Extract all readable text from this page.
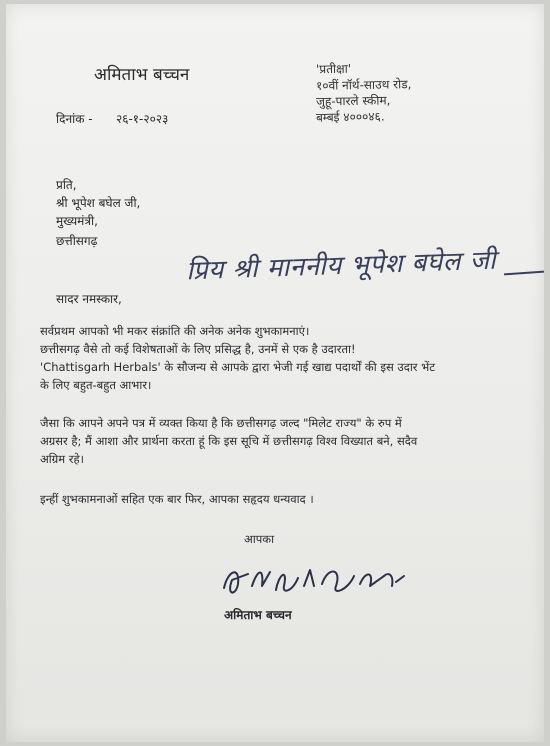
अमिताभ बच्चन	'प्रतीक्षा'
१०वीं नॉर्थ-साउथ रोड,
जुहू-पारले स्कीम,
बम्बई ४०००४६.
दिनांक - २६-१-२०२३
प्रति,
श्री भूपेश बघेल जी,
मुख्यमंत्री,
छत्तीसगढ़
प्रिय श्री माननीय भूपेश बघेल जी
सादर नमस्कार,
सर्वप्रथम आपको भी मकर संक्रांति की अनेक अनेक शुभकामनाएं।
छत्तीसगढ़ वैसे तो कई विशेषताओं के लिए प्रसिद्ध है, उनमें से एक है उदारता!
'Chattisgarh Herbals' के सौजन्य से आपके द्वारा भेजी गई खाद्य पदार्थों की इस उदार भेंट
के लिए बहुत-बहुत आभार।
जैसा कि आपने अपने पत्र में व्यक्त किया है कि छत्तीसगढ़ जल्द "मिलेट राज्य" के रुप में
अग्रसर है; मैं आशा और प्रार्थना करता हूं कि इस सूचि में छत्तीसगढ़ विश्व विख्यात बने, सदैव
अग्रिम रहे।
इन्हीं शुभकामनाओं सहित एक बार फिर, आपका सहृदय धन्यवाद ।
आपका
अमिताभ बच्चन
